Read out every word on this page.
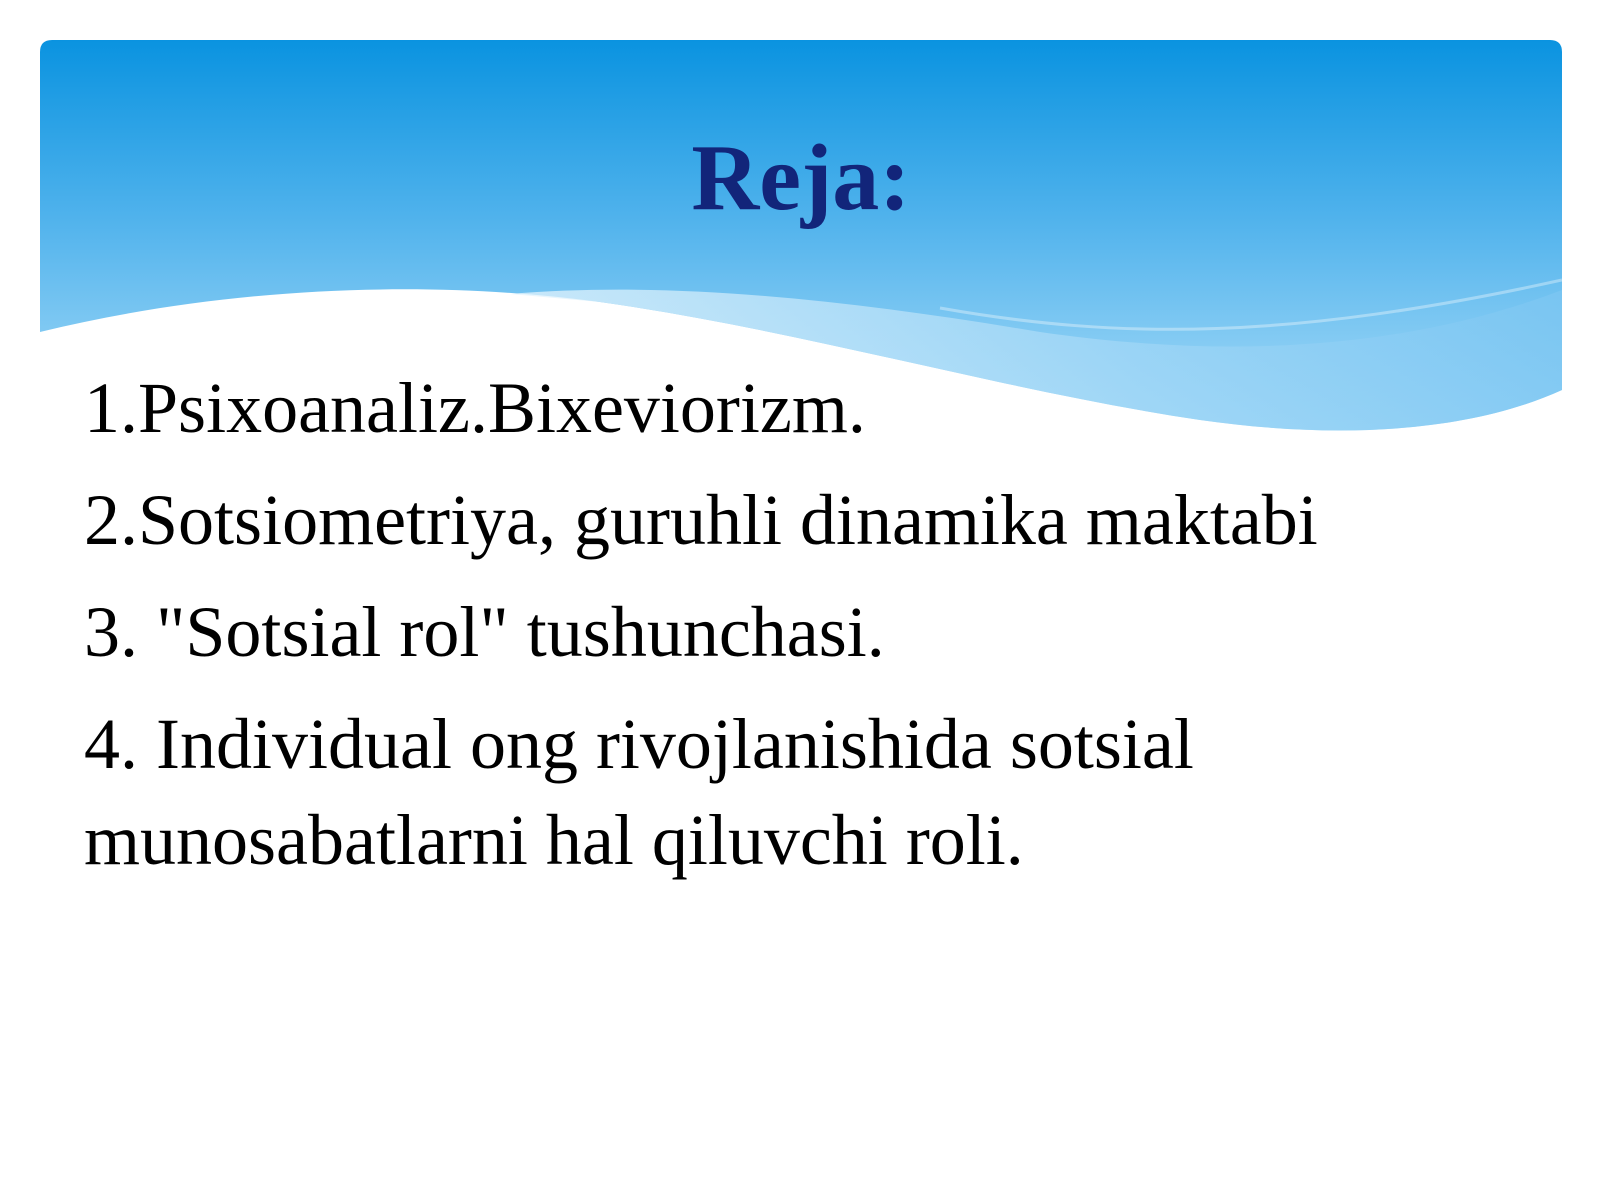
Reja:
1.Psixoanaliz.Bixeviorizm.
2.Sotsiometriya, guruhli dinamika maktabi
3. "Sotsial rol" tushunchasi.
4. Individual ong rivojlanishida sotsial munosabatlarni hal qiluvchi roli.
